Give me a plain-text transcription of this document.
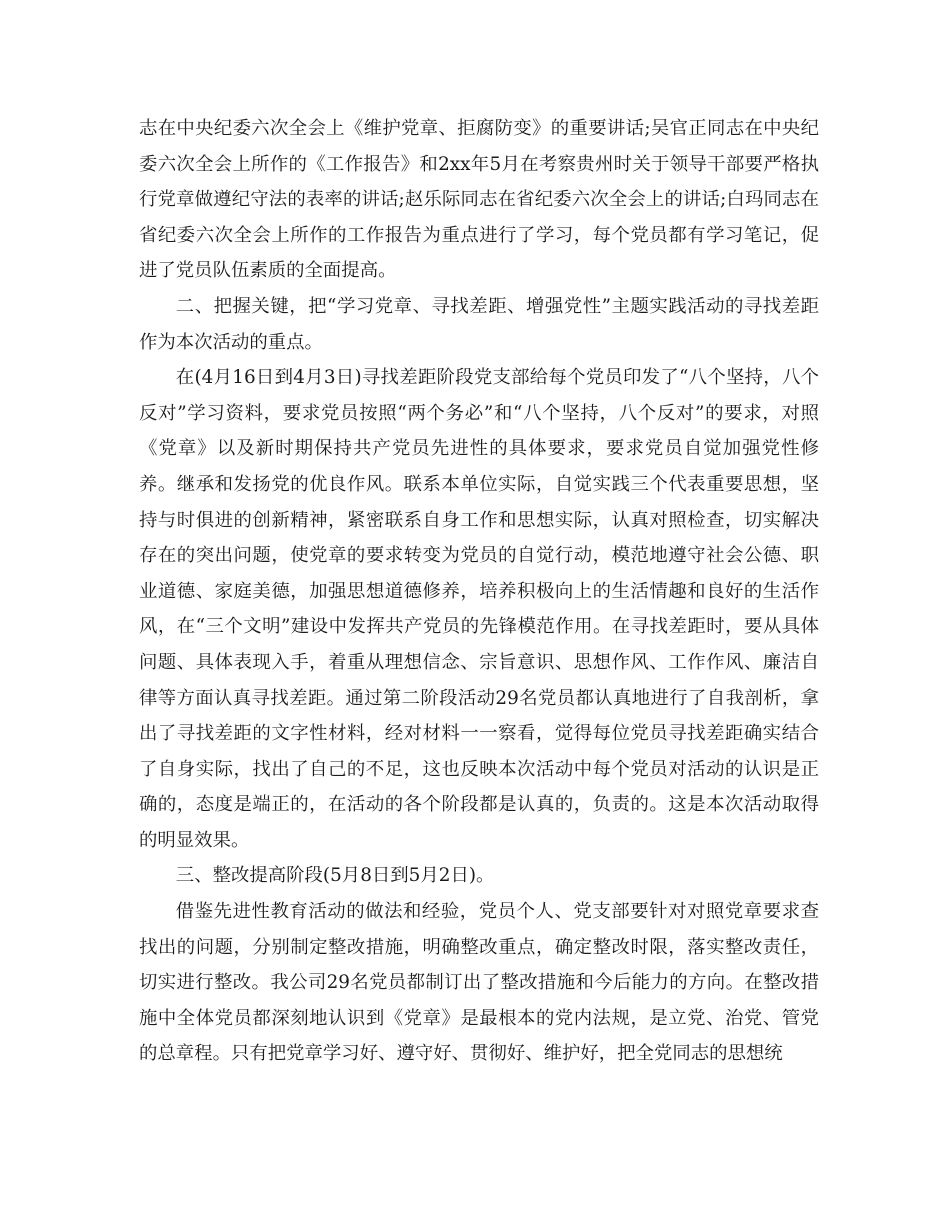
志在中央纪委六次全会上《维护党章、拒腐防变》的重要讲话;吴官正同志在中央纪委六次全会上所作的《工作报告》和2xx年5月在考察贵州时关于领导干部要严格执行党章做遵纪守法的表率的讲话;赵乐际同志在省纪委六次全会上的讲话;白玛同志在省纪委六次全会上所作的工作报告为重点进行了学习，每个党员都有学习笔记，促进了党员队伍素质的全面提高。

二、把握关键，把“学习党章、寻找差距、增强党性”主题实践活动的寻找差距作为本次活动的重点。

在(4月16日到4月3日)寻找差距阶段党支部给每个党员印发了“八个坚持，八个反对”学习资料，要求党员按照“两个务必”和“八个坚持，八个反对”的要求，对照《党章》以及新时期保持共产党员先进性的具体要求，要求党员自觉加强党性修养。继承和发扬党的优良作风。联系本单位实际，自觉实践三个代表重要思想，坚持与时俱进的创新精神，紧密联系自身工作和思想实际，认真对照检查，切实解决存在的突出问题，使党章的要求转变为党员的自觉行动，模范地遵守社会公德、职业道德、家庭美德，加强思想道德修养，培养积极向上的生活情趣和良好的生活作风，在“三个文明”建设中发挥共产党员的先锋模范作用。在寻找差距时，要从具体问题、具体表现入手，着重从理想信念、宗旨意识、思想作风、工作作风、廉洁自律等方面认真寻找差距。通过第二阶段活动29名党员都认真地进行了自我剖析，拿出了寻找差距的文字性材料，经对材料一一察看，觉得每位党员寻找差距确实结合了自身实际，找出了自己的不足，这也反映本次活动中每个党员对活动的认识是正确的，态度是端正的，在活动的各个阶段都是认真的，负责的。这是本次活动取得的明显效果。

三、整改提高阶段(5月8日到5月2日)。

借鉴先进性教育活动的做法和经验，党员个人、党支部要针对对照党章要求查找出的问题，分别制定整改措施，明确整改重点，确定整改时限，落实整改责任，切实进行整改。我公司29名党员都制订出了整改措施和今后能力的方向。在整改措施中全体党员都深刻地认识到《党章》是最根本的党内法规，是立党、治党、管党的总章程。只有把党章学习好、遵守好、贯彻好、维护好，把全党同志的思想统
